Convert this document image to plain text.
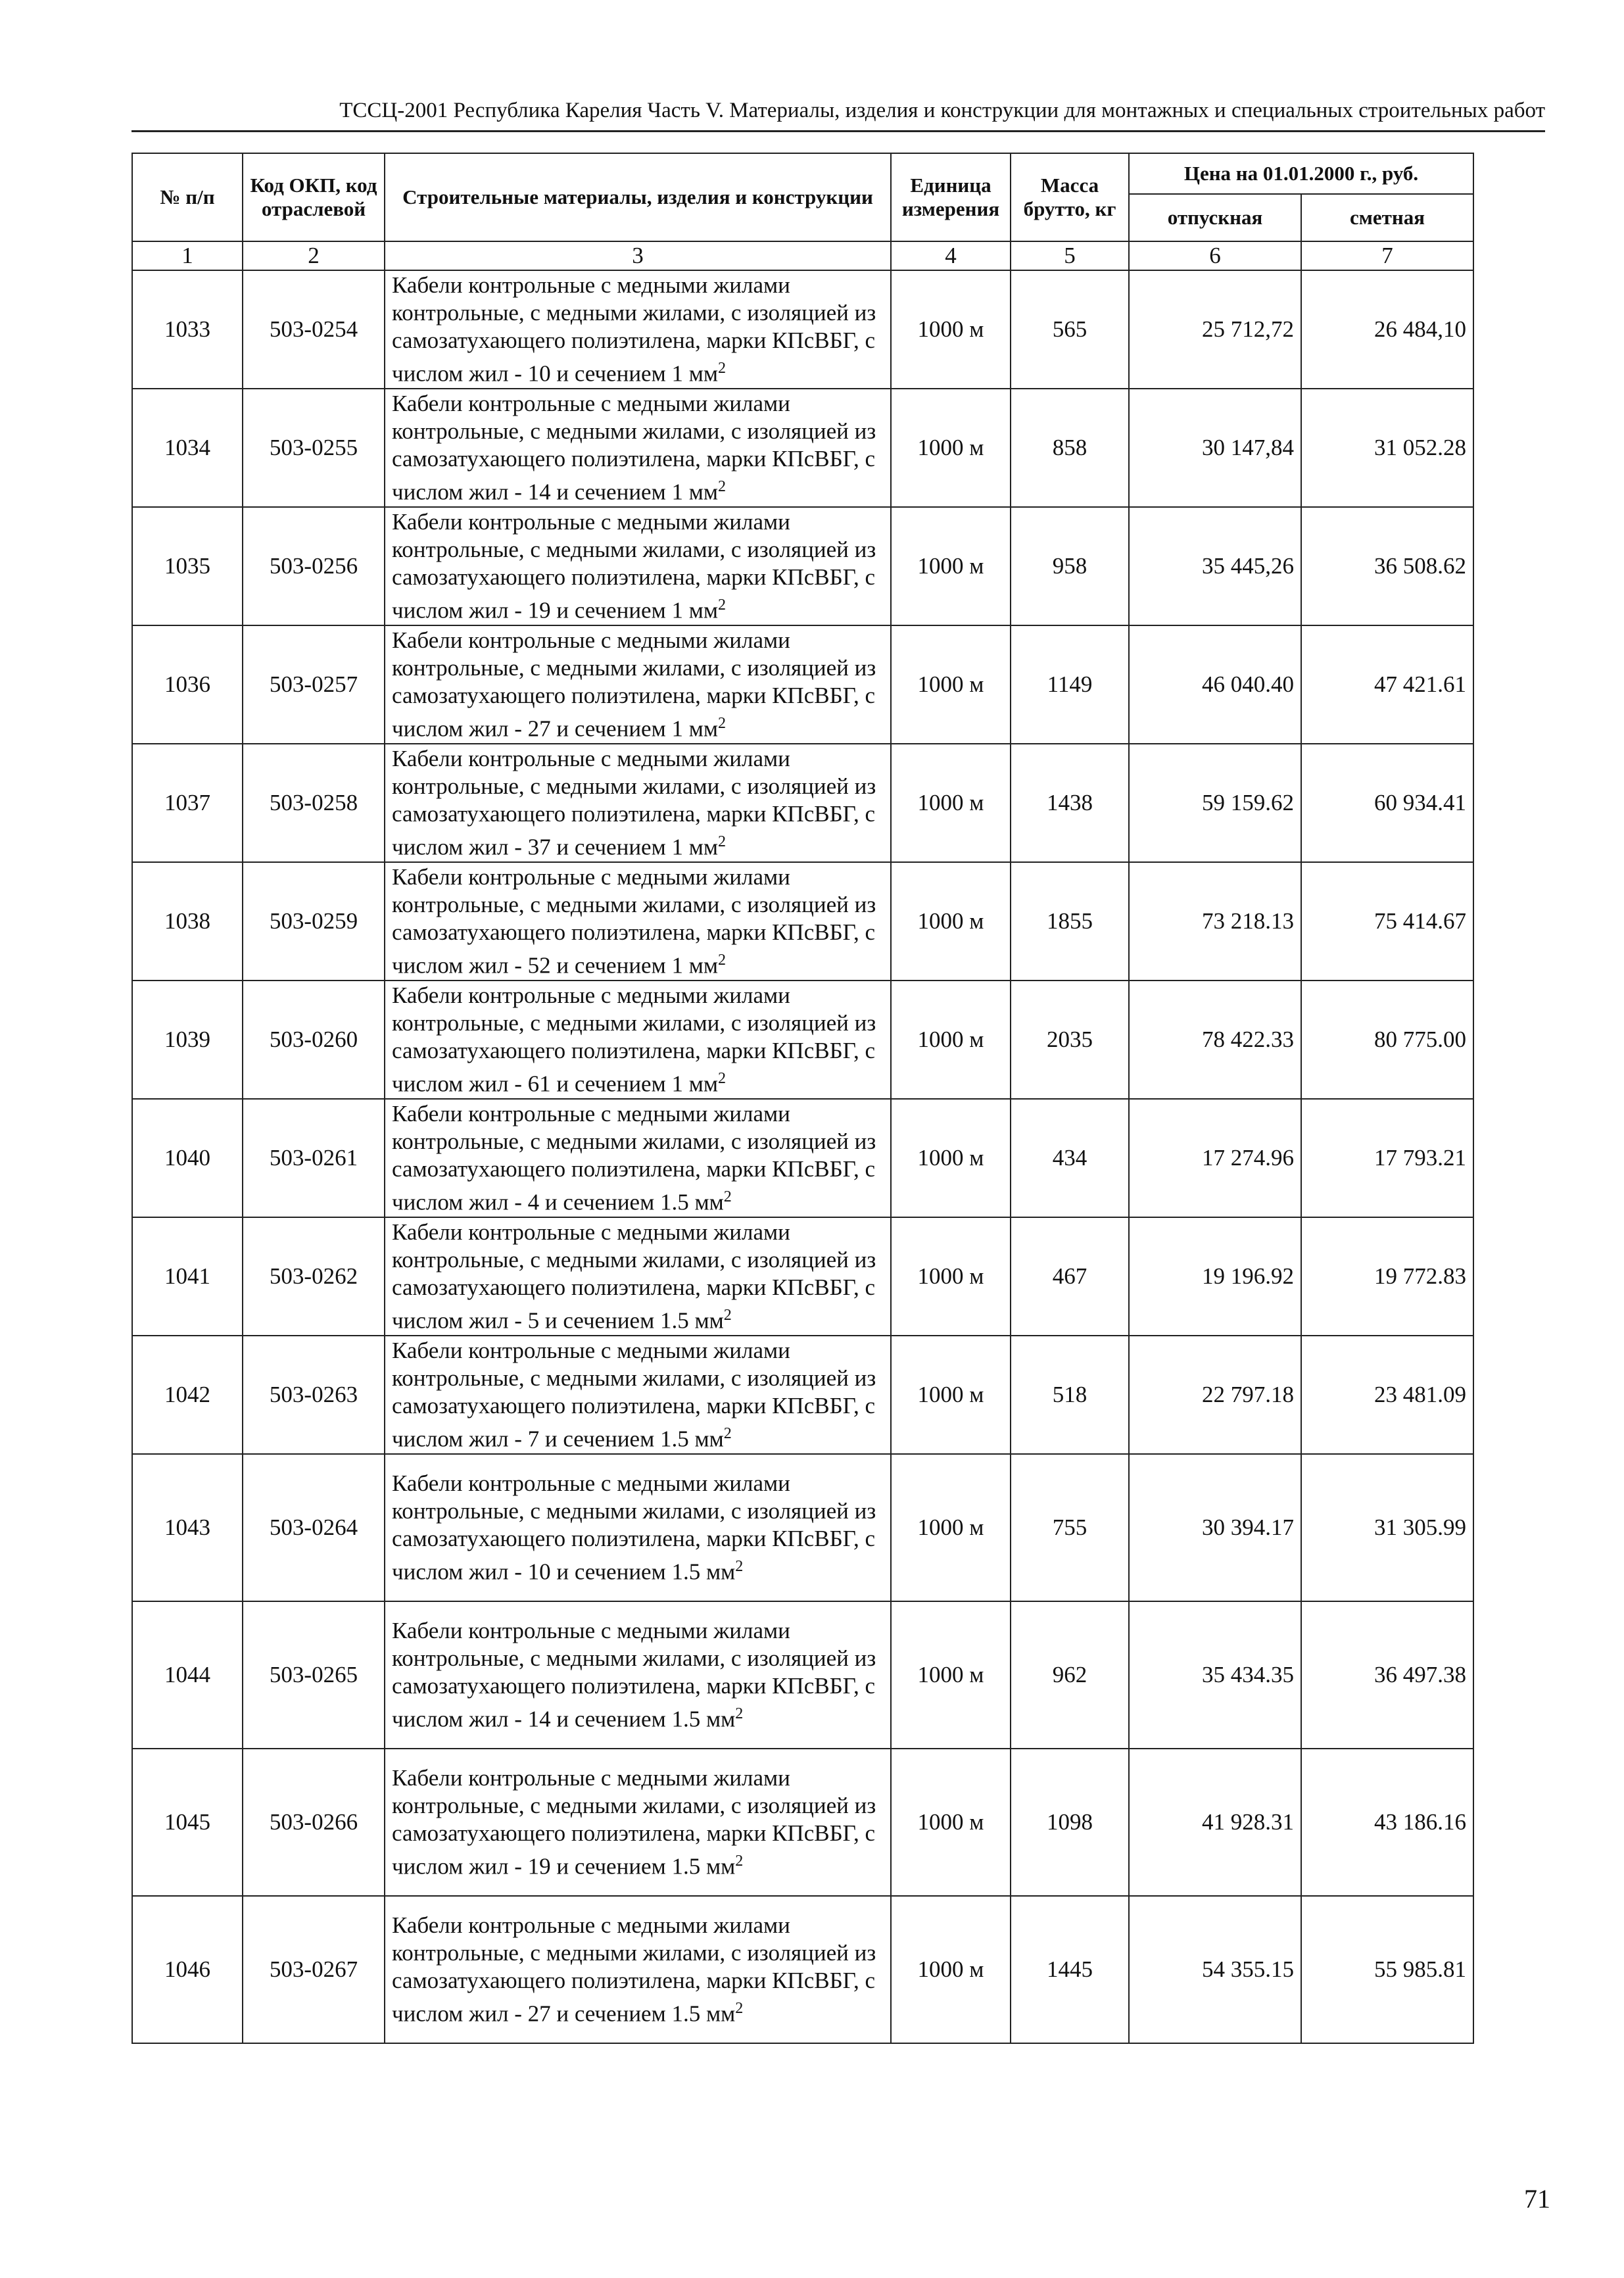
ТССЦ-2001 Республика Карелия Часть V. Материалы, изделия и конструкции для монтажных и специальных строительных работ
№ п/п	Код ОКП, код отраслевой	Строительные материалы, изделия и конструкции	Единица измерения	Масса брутто, кг	Цена на 01.01.2000 г., руб.	
					отпускная	сметная
1	2	3	4	5	6	7
1033	503-0254	Кабели контрольные с медными жилами контрольные, с медными жилами, с изоляцией из самозатухающего полиэтилена, марки КПсВБГ, с числом жил - 10 и сечением 1 $мм^2$	1000 м	565	25 712,72	26 484,10
1034	503-0255	Кабели контрольные с медными жилами контрольные, с медными жилами, с изоляцией из самозатухающего полиэтилена, марки КПсВБГ, с числом жил - 14 и сечением 1 $мм^2$	1000 м	858	30 147,84	31 052.28
1035	503-0256	Кабели контрольные с медными жилами контрольные, с медными жилами, с изоляцией из самозатухающего полиэтилена, марки КПсВБГ, с числом жил - 19 и сечением 1 $мм^2$	1000 м	958	35 445,26	36 508.62
1036	503-0257	Кабели контрольные с медными жилами контрольные, с медными жилами, с изоляцией из самозатухающего полиэтилена, марки КПсВБГ, с числом жил - 27 и сечением 1 $мм^2$	1000 м	1149	46 040.40	47 421.61
1037	503-0258	Кабели контрольные с медными жилами контрольные, с медными жилами, с изоляцией из самозатухающего полиэтилена, марки КПсВБГ, с числом жил - 37 и сечением 1 $мм^2$	1000 м	1438	59 159.62	60 934.41
1038	503-0259	Кабели контрольные с медными жилами контрольные, с медными жилами, с изоляцией из самозатухающего полиэтилена, марки КПсВБГ, с числом жил - 52 и сечением 1 $мм^2$	1000 м	1855	73 218.13	75 414.67
1039	503-0260	Кабели контрольные с медными жилами контрольные, с медными жилами, с изоляцией из самозатухающего полиэтилена, марки КПсВБГ, с числом жил - 61 и сечением 1 $мм^2$	1000 м	2035	78 422.33	80 775.00
1040	503-0261	Кабели контрольные с медными жилами контрольные, с медными жилами, с изоляцией из самозатухающего полиэтилена, марки КПсВБГ, с числом жил - 4 и сечением 1.5 $мм^2$	1000 м	434	17 274.96	17 793.21
1041	503-0262	Кабели контрольные с медными жилами контрольные, с медными жилами, с изоляцией из самозатухающего полиэтилена, марки КПсВБГ, с числом жил - 5 и сечением 1.5 $мм^2$	1000 м	467	19 196.92	19 772.83
1042	503-0263	Кабели контрольные с медными жилами контрольные, с медными жилами, с изоляцией из самозатухающего полиэтилена, марки КПсВБГ, с числом жил - 7 и сечением 1.5 $мм^2$	1000 м	518	22 797.18	23 481.09
1043	503-0264	Кабели контрольные с медными жилами контрольные, с медными жилами, с изоляцией из самозатухающего полиэтилена, марки КПсВБГ, с числом жил - 10 и сечением 1.5 $мм^2$	1000 м	755	30 394.17	31 305.99
1044	503-0265	Кабели контрольные с медными жилами контрольные, с медными жилами, с изоляцией из самозатухающего полиэтилена, марки КПсВБГ, с числом жил - 14 и сечением 1.5 $мм^2$	1000 м	962	35 434.35	36 497.38
1045	503-0266	Кабели контрольные с медными жилами контрольные, с медными жилами, с изоляцией из самозатухающего полиэтилена, марки КПсВБГ, с числом жил - 19 и сечением 1.5 $мм^2$	1000 м	1098	41 928.31	43 186.16
1046	503-0267	Кабели контрольные с медными жилами контрольные, с медными жилами, с изоляцией из самозатухающего полиэтилена, марки КПсВБГ, с числом жил - 27 и сечением 1.5 $мм^2$	1000 м	1445	54 355.15	55 985.81
71
